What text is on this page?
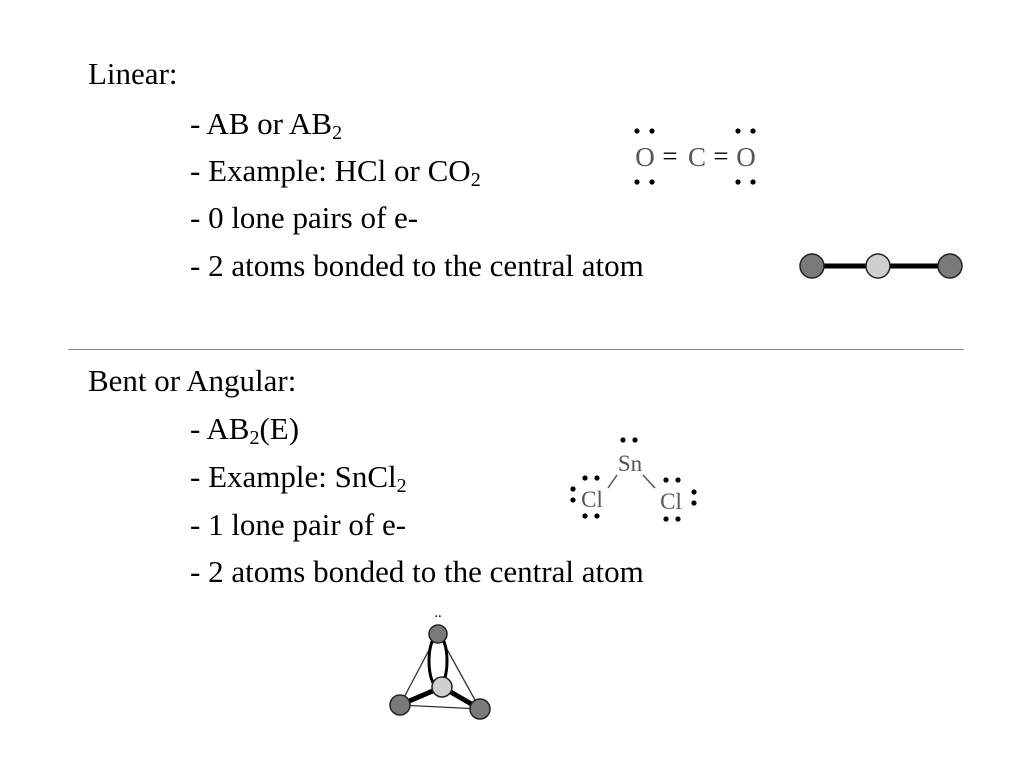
Linear:
- AB or $AB_2$
- Example: HCl or $CO_2$
- 0 lone pairs of e-
- 2 atoms bonded to the central atom
O = C = O
Bent or Angular:
- $AB_2(E)$
- Example: SnCl$_2$
- 1 lone pair of e-
- 2 atoms bonded to the central atom
Sn
Cl Cl
..
